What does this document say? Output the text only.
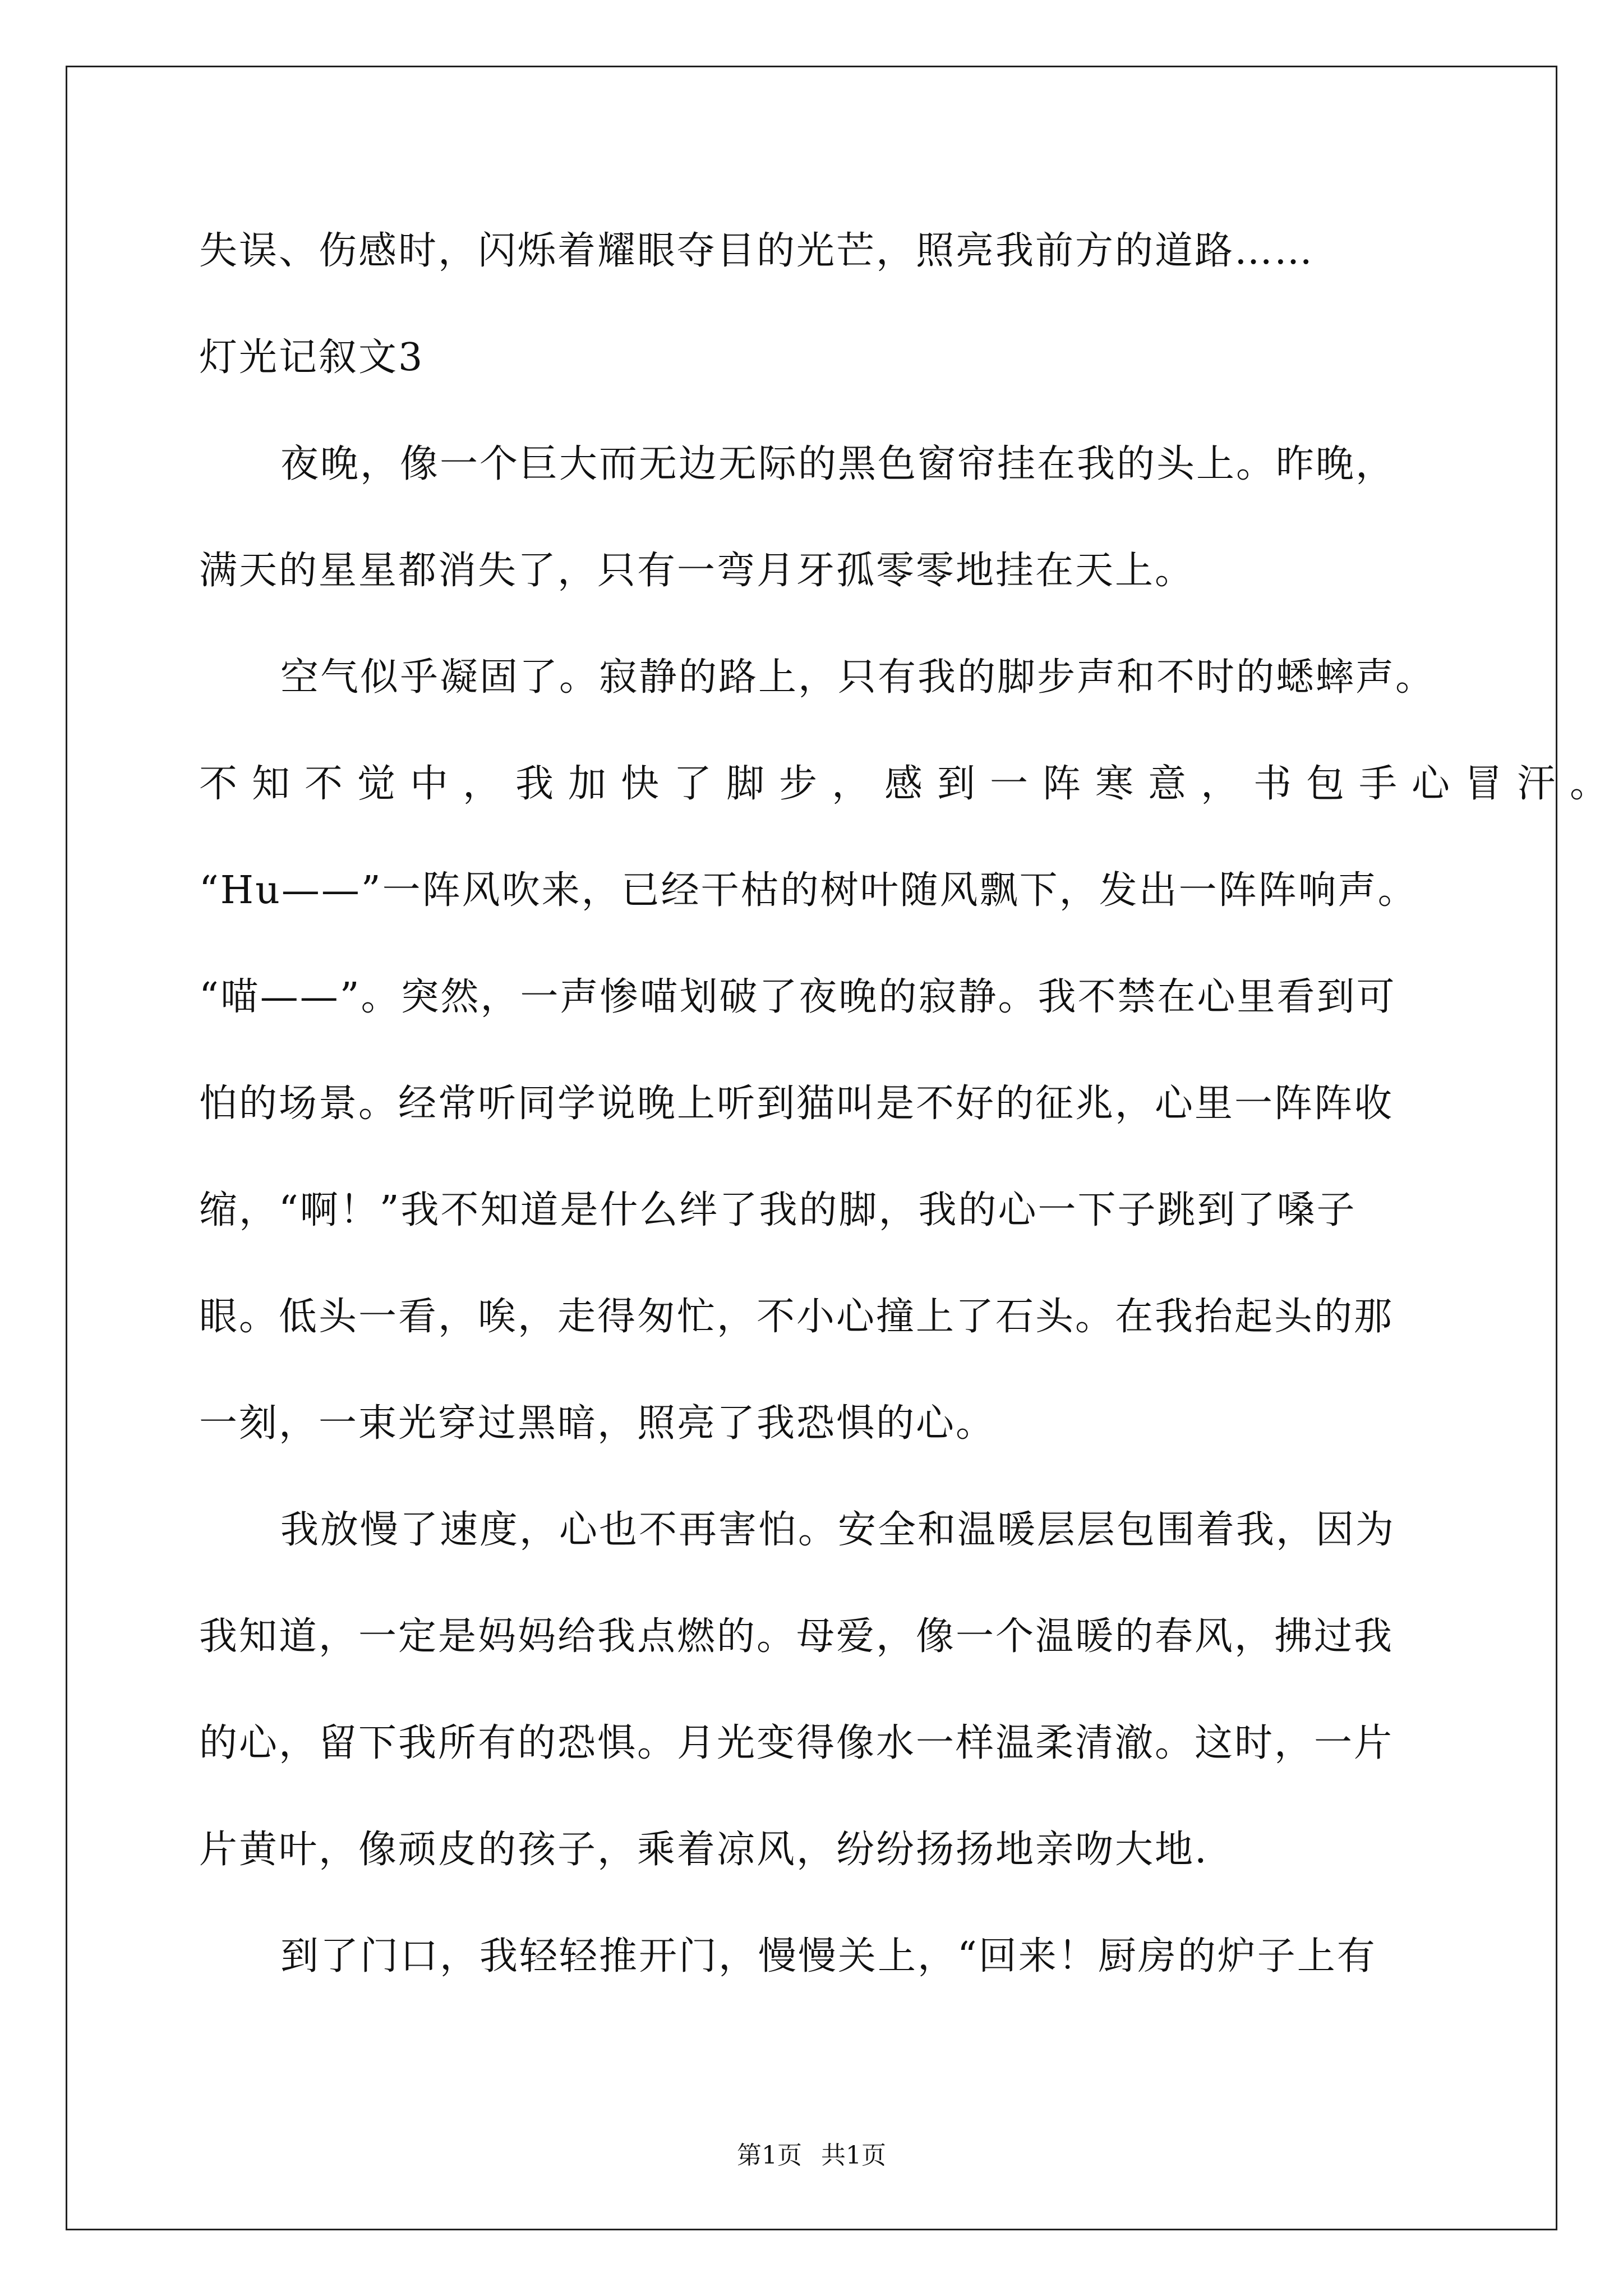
失误、伤感时，闪烁着耀眼夺目的光芒，照亮我前方的道路……
灯光记叙文3
夜晚，像一个巨大而无边无际的黑色窗帘挂在我的头上。昨晚，
满天的星星都消失了，只有一弯月牙孤零零地挂在天上。
空气似乎凝固了。寂静的路上，只有我的脚步声和不时的蟋蟀声。
不知不觉中，我加快了脚步，感到一阵寒意，书包手心冒汗。
“Hu——”一阵风吹来，已经干枯的树叶随风飘下，发出一阵阵响声。
“喵——”。突然，一声惨喵划破了夜晚的寂静。我不禁在心里看到可
怕的场景。经常听同学说晚上听到猫叫是不好的征兆，心里一阵阵收
缩，“啊！”我不知道是什么绊了我的脚，我的心一下子跳到了嗓子
眼。低头一看，唉，走得匆忙，不小心撞上了石头。在我抬起头的那
一刻，一束光穿过黑暗，照亮了我恐惧的心。
我放慢了速度，心也不再害怕。安全和温暖层层包围着我，因为
我知道，一定是妈妈给我点燃的。母爱，像一个温暖的春风，拂过我
的心，留下我所有的恐惧。月光变得像水一样温柔清澈。这时，一片
片黄叶，像顽皮的孩子，乘着凉风，纷纷扬扬地亲吻大地.
到了门口，我轻轻推开门，慢慢关上，“回来！厨房的炉子上有
第1页 共1页
